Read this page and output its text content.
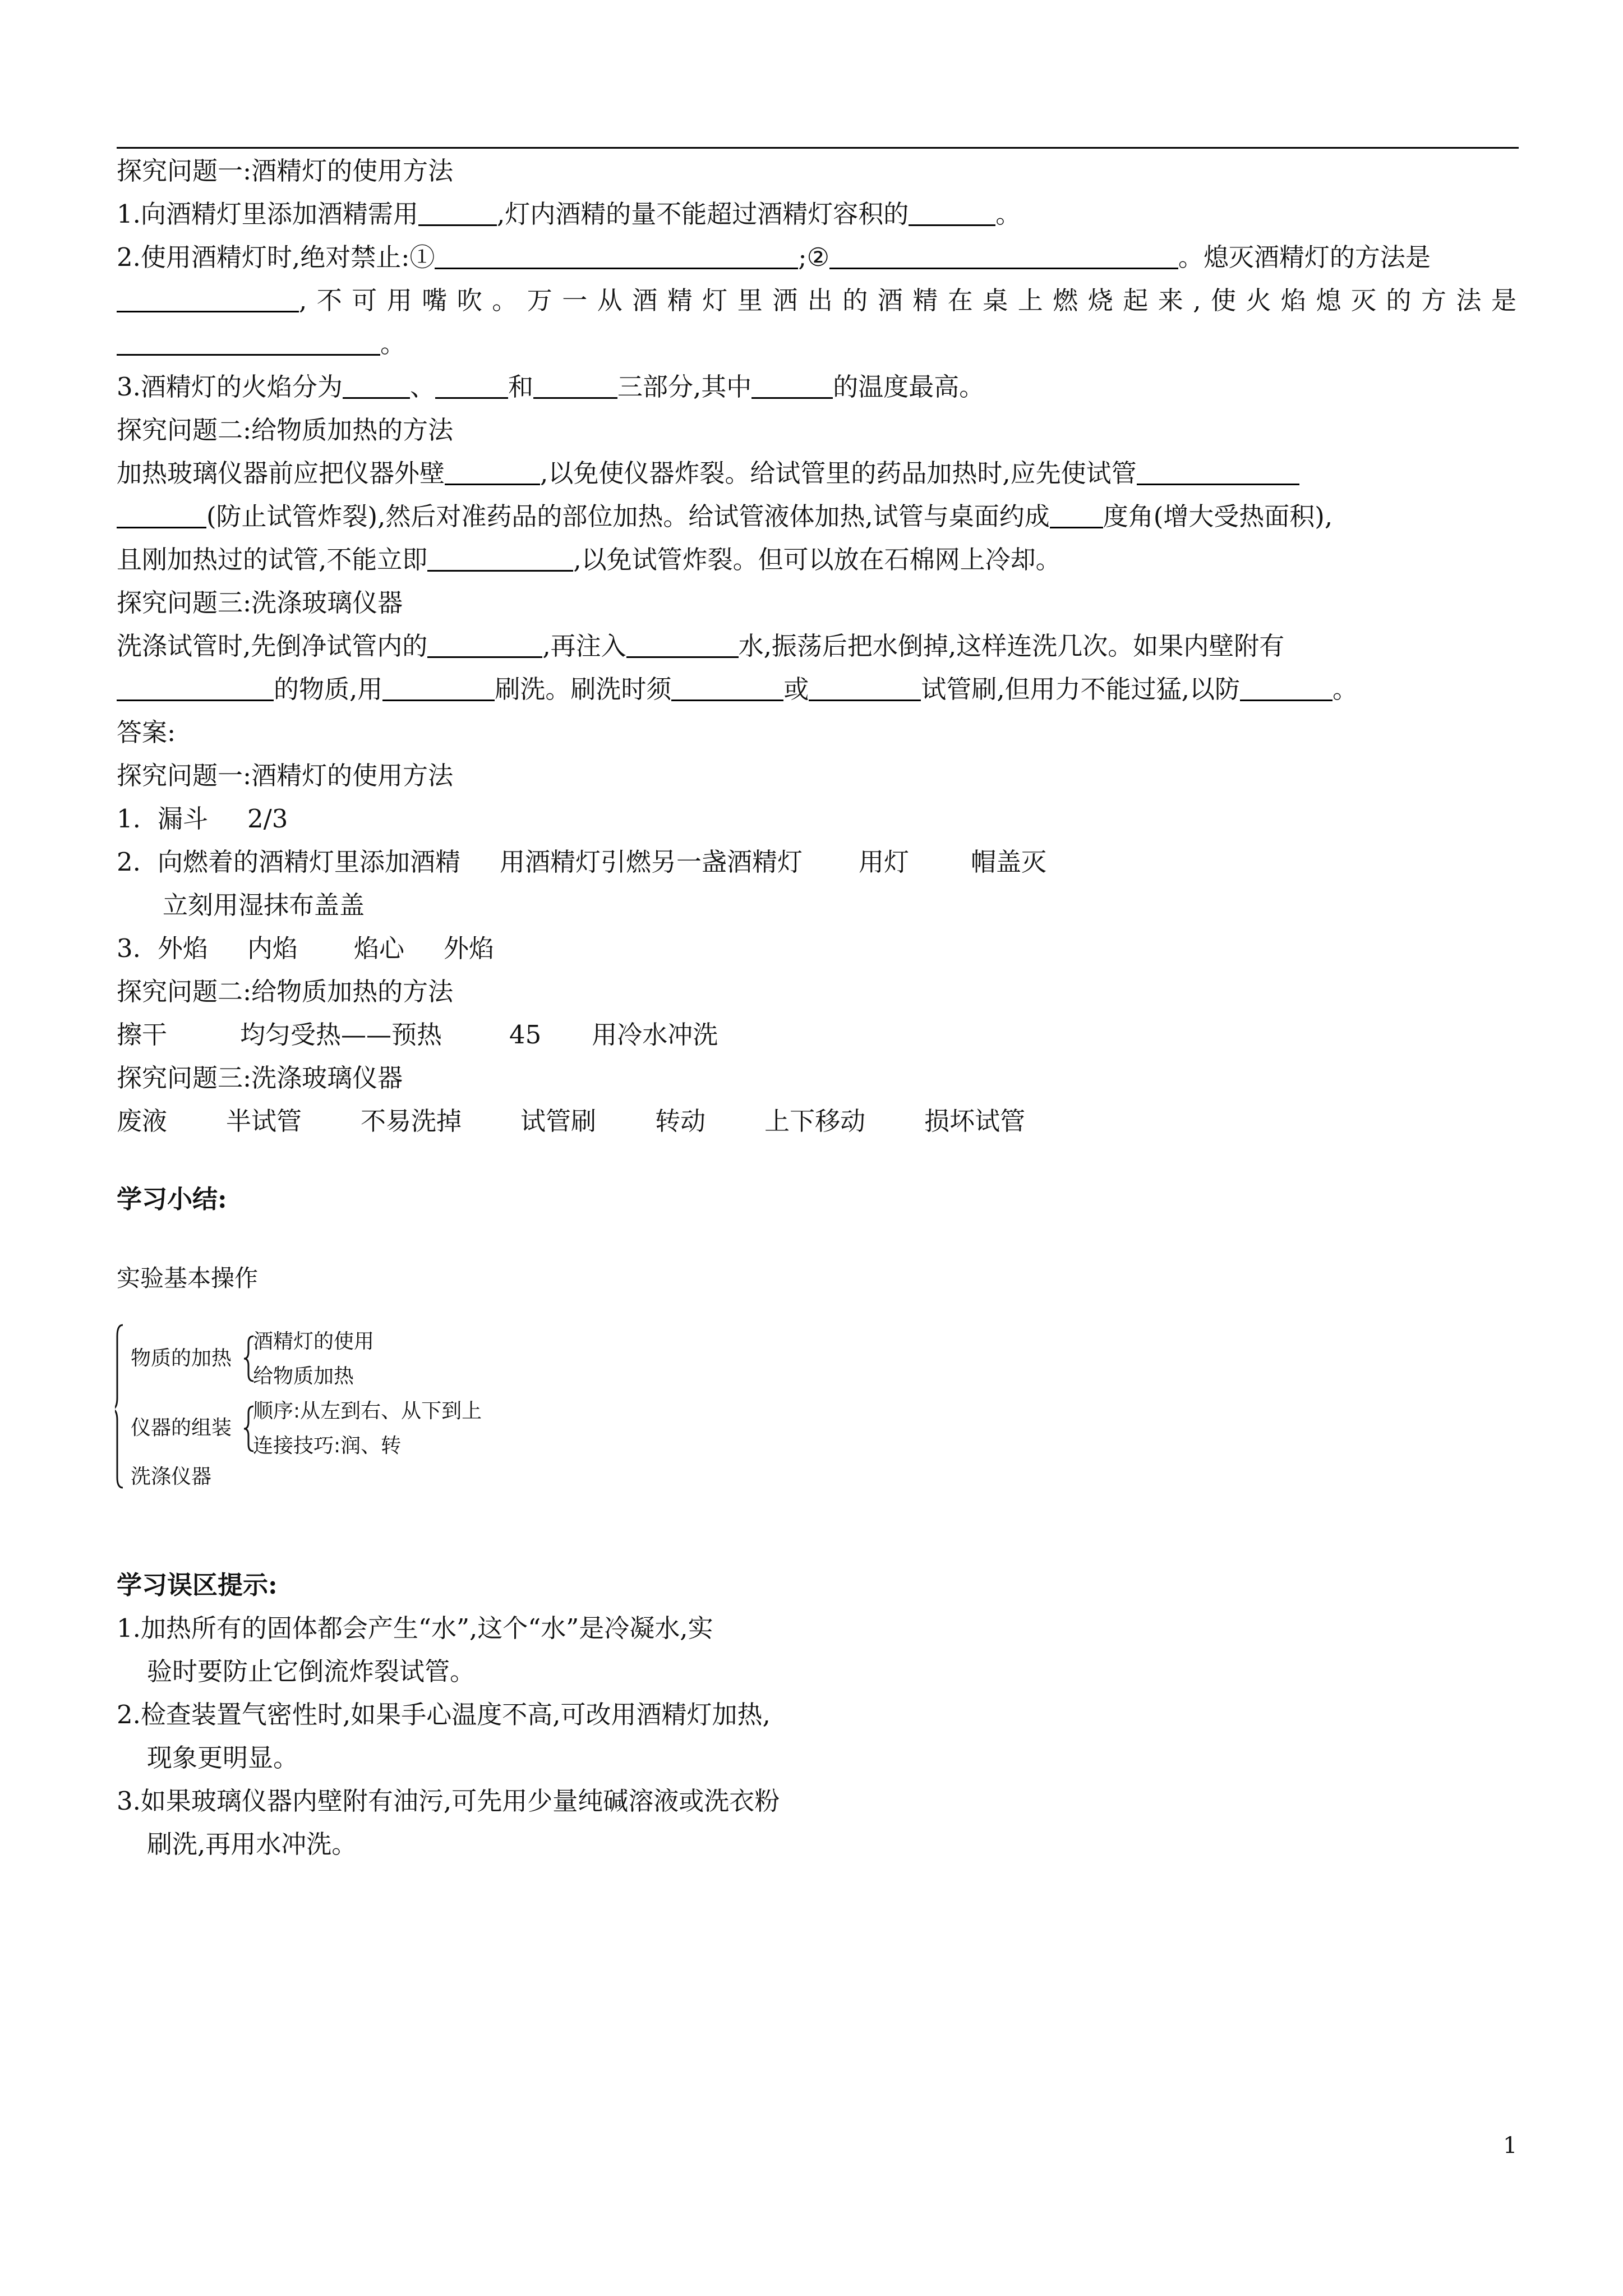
探究问题一:酒精灯的使用方法
1.向酒精灯里添加酒精需用	,灯内酒精的量不能超过酒精灯容积的	。
2.使用酒精灯时,绝对禁止:①	;②	。熄灭酒精灯的方法是
,不可用嘴吹。万一从酒精灯里洒出的酒精在桌上燃烧起来,使火焰熄灭的方法是
。
3.酒精灯的火焰分为	、	和	三部分,其中	的温度最高。
探究问题二:给物质加热的方法
加热玻璃仪器前应把仪器外壁	,以免使仪器炸裂。给试管里的药品加热时,应先使试管
(防止试管炸裂),然后对准药品的部位加热。给试管液体加热,试管与桌面约成 度角(增大受热面积),
且刚加热过的试管,不能立即	,以免试管炸裂。但可以放在石棉网上冷却。
探究问题三:洗涤玻璃仪器
洗涤试管时,先倒净试管内的	,再注入	水,振荡后把水倒掉,这样连洗几次。如果内壁附有
的物质,用	刷洗。刷洗时须	或	试管刷,但用力不能过猛,以防	。
答案:
探究问题一:酒精灯的使用方法
1. 漏斗 2/3
2. 向燃着的酒精灯里添加酒精 用酒精灯引燃另一盏酒精灯 用灯 帽盖灭
立刻用湿抹布盖盖
3. 外焰 内焰 焰心 外焰
探究问题二:给物质加热的方法
擦干	均匀受热——预热	45 用冷水冲洗
探究问题三:洗涤玻璃仪器
废液 半试管 不易洗掉 试管刷 转动 上下移动 损坏试管
学习小结:
实验基本操作
物质的加热
酒精灯的使用
给物质加热
仪器的组装
顺序:从左到右、从下到上
连接技巧:润、转
洗涤仪器
学习误区提示:
1.加热所有的固体都会产生“水”,这个“水”是冷凝水,实
验时要防止它倒流炸裂试管。
2.检查装置气密性时,如果手心温度不高,可改用酒精灯加热,
现象更明显。
3.如果玻璃仪器内壁附有油污,可先用少量纯碱溶液或洗衣粉
刷洗,再用水冲洗。
1
